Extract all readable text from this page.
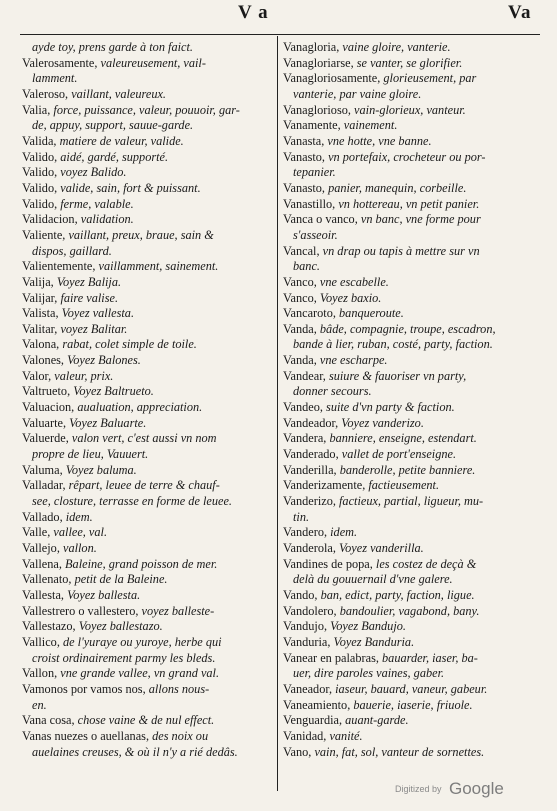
V a	Va
ayde toy, prens garde à ton faict.
Valerosamente, valeureusement, vail-
lamment.
Valeroso, vaillant, valeureux.
Valia, force, puissance, valeur, pouuoir, gar-
de, appuy, support, sauue-garde.
Valida, matiere de valeur, valide.
Valido, aidé, gardé, supporté.
Valido, voyez Balido.
Valido, valide, sain, fort & puissant.
Valido, ferme, valable.
Validacion, validation.
Valiente, vaillant, preux, braue, sain &
dispos, gaillard.
Valientemente, vaillamment, sainement.
Valija, Voyez Balija.
Valijar, faire valise.
Valista, Voyez vallesta.
Valitar, voyez Balitar.
Valona, rabat, colet simple de toile.
Valones, Voyez Balones.
Valor, valeur, prix.
Valtrueto, Voyez Baltrueto.
Valuacion, aualuation, appreciation.
Valuarte, Voyez Baluarte.
Valuerde, valon vert, c'est aussi vn nom
propre de lieu, Vauuert.
Valuma, Voyez baluma.
Valladar, rêpart, leuee de terre & chauf-
see, closture, terrasse en forme de leuee.
Vallado, idem.
Valle, vallee, val.
Vallejo, vallon.
Vallena, Baleine, grand poisson de mer.
Vallenato, petit de la Baleine.
Vallesta, Voyez ballesta.
Vallestrero o vallestero, voyez balleste-
Vallestazo, Voyez ballestazo.
Vallico, de l'yuraye ou yuroye, herbe qui
croist ordinairement parmy les bleds.
Vallon, vne grande vallee, vn grand val.
Vamonos por vamos nos, allons nous-
en.
Vana cosa, chose vaine & de nul effect.
Vanas nuezes o auellanas, des noix ou
auelaines creuses, & où il n'y a rié dedâs.
Vanagloria, vaine gloire, vanterie.
Vanagloriarse, se vanter, se glorifier.
Vanagloriosamente, glorieusement, par
vanterie, par vaine gloire.
Vanaglorioso, vain-glorieux, vanteur.
Vanamente, vainement.
Vanasta, vne hotte, vne banne.
Vanasto, vn portefaix, crocheteur ou por-
tepanier.
Vanasto, panier, manequin, corbeille.
Vanastillo, vn hottereau, vn petit panier.
Vanca o vanco, vn banc, vne forme pour
s'asseoir.
Vancal, vn drap ou tapis à mettre sur vn
banc.
Vanco, vne escabelle.
Vanco, Voyez baxio.
Vancaroto, banqueroute.
Vanda, bâde, compagnie, troupe, escadron,
bande à lier, ruban, costé, party, faction.
Vanda, vne escharpe.
Vandear, suiure & fauoriser vn party,
donner secours.
Vandeo, suite d'vn party & faction.
Vandeador, Voyez vanderizo.
Vandera, banniere, enseigne, estendart.
Vanderado, vallet de port'enseigne.
Vanderilla, banderolle, petite banniere.
Vanderizamente, factieusement.
Vanderizo, factieux, partial, ligueur, mu-
tin.
Vandero, idem.
Vanderola, Voyez vanderilla.
Vandines de popa, les costez de deçà &
delà du gouuernail d'vne galere.
Vando, ban, edict, party, faction, ligue.
Vandolero, bandoulier, vagabond, bany.
Vandujo, Voyez Bandujo.
Vanduria, Voyez Banduria.
Vanear en palabras, bauarder, iaser, ba-
uer, dire paroles vaines, gaber.
Vaneador, iaseur, bauard, vaneur, gabeur.
Vaneamiento, bauerie, iaserie, friuole.
Venguardia, auant-garde.
Vanidad, vanité.
Vano, vain, fat, sol, vanteur de sornettes.
Digitized by Google
